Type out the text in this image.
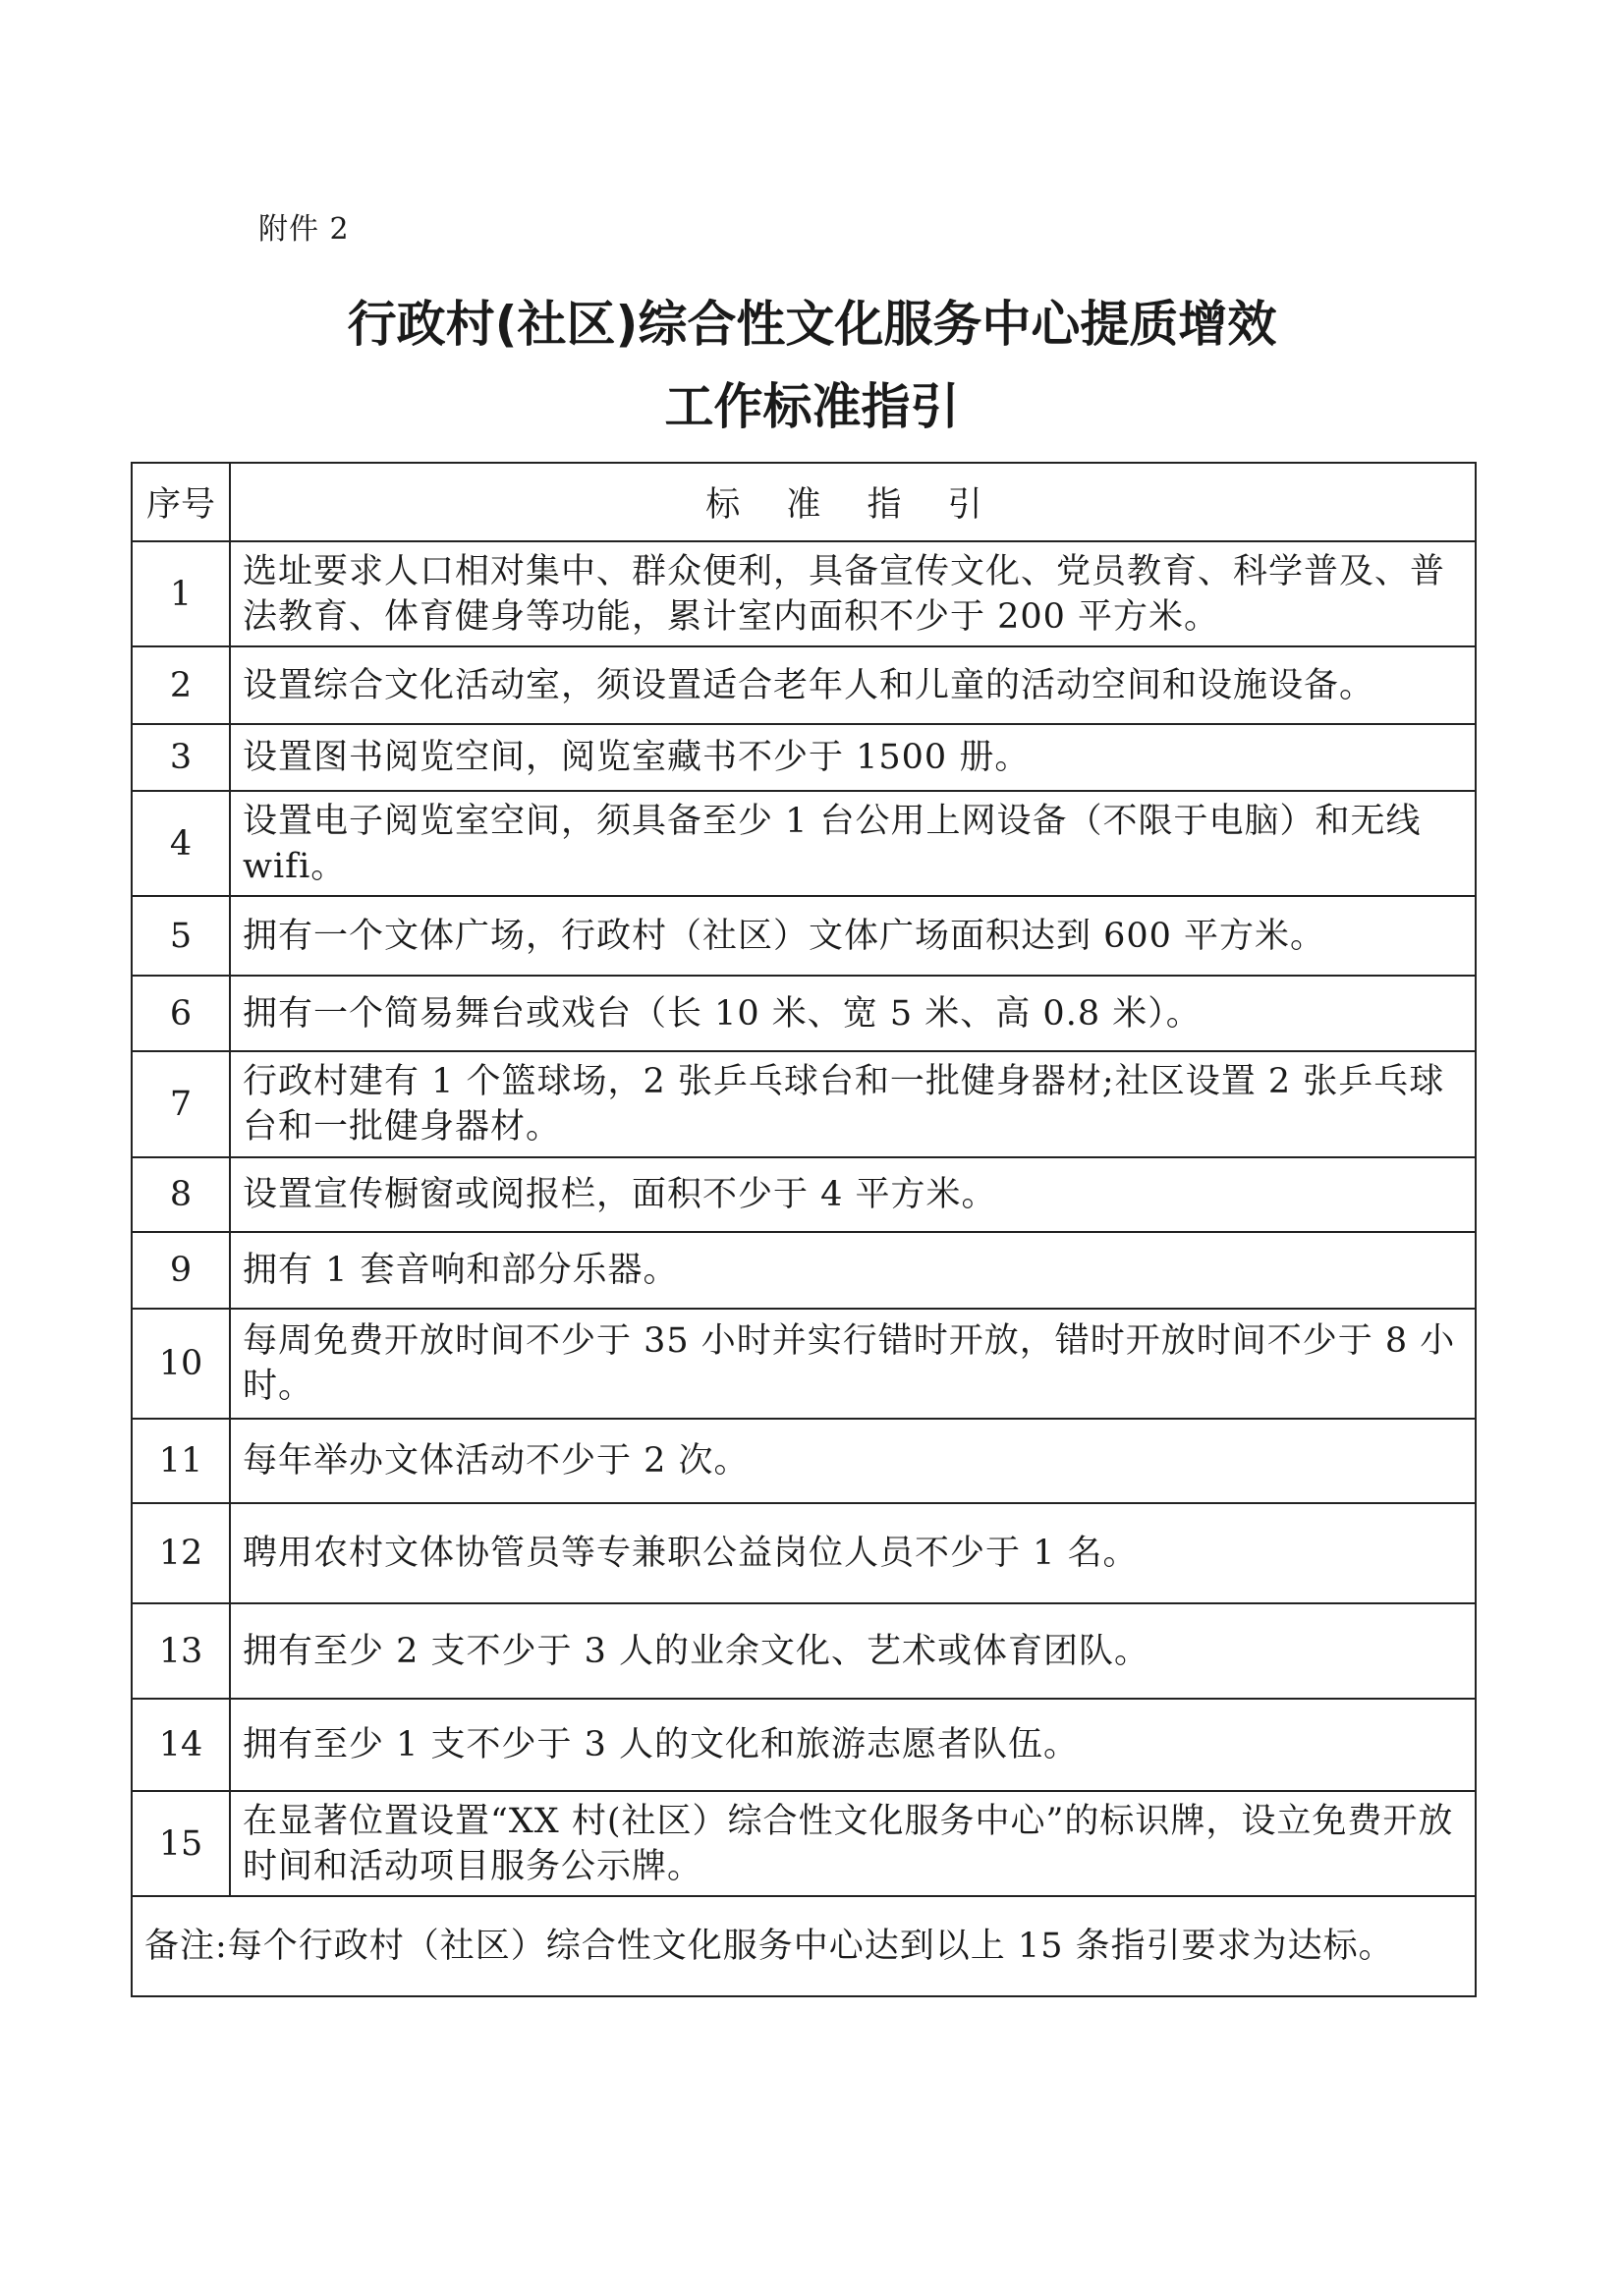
附件 2
行政村(社区)综合性文化服务中心提质增效
工作标准指引
序号	标 准 指 引
1	选址要求人口相对集中、群众便利，具备宣传文化、党员教育、科学普及、普法教育、体育健身等功能，累计室内面积不少于 200 平方米。
2	设置综合文化活动室，须设置适合老年人和儿童的活动空间和设施设备。
3	设置图书阅览空间，阅览室藏书不少于 1500 册。
4	设置电子阅览室空间，须具备至少 1 台公用上网设备（不限于电脑）和无线 wifi。
5	拥有一个文体广场，行政村（社区）文体广场面积达到 600 平方米。
6	拥有一个简易舞台或戏台（长 10 米、宽 5 米、高 0.8 米）。
7	行政村建有 1 个篮球场，2 张乒乓球台和一批健身器材;社区设置 2 张乒乓球台和一批健身器材。
8	设置宣传橱窗或阅报栏，面积不少于 4 平方米。
9	拥有 1 套音响和部分乐器。
10	每周免费开放时间不少于 35 小时并实行错时开放，错时开放时间不少于 8 小时。
11	每年举办文体活动不少于 2 次。
12	聘用农村文体协管员等专兼职公益岗位人员不少于 1 名。
13	拥有至少 2 支不少于 3 人的业余文化、艺术或体育团队。
14	拥有至少 1 支不少于 3 人的文化和旅游志愿者队伍。
15	在显著位置设置“XX 村(社区）综合性文化服务中心”的标识牌，设立免费开放时间和活动项目服务公示牌。
备注:每个行政村（社区）综合性文化服务中心达到以上 15 条指引要求为达标。	
